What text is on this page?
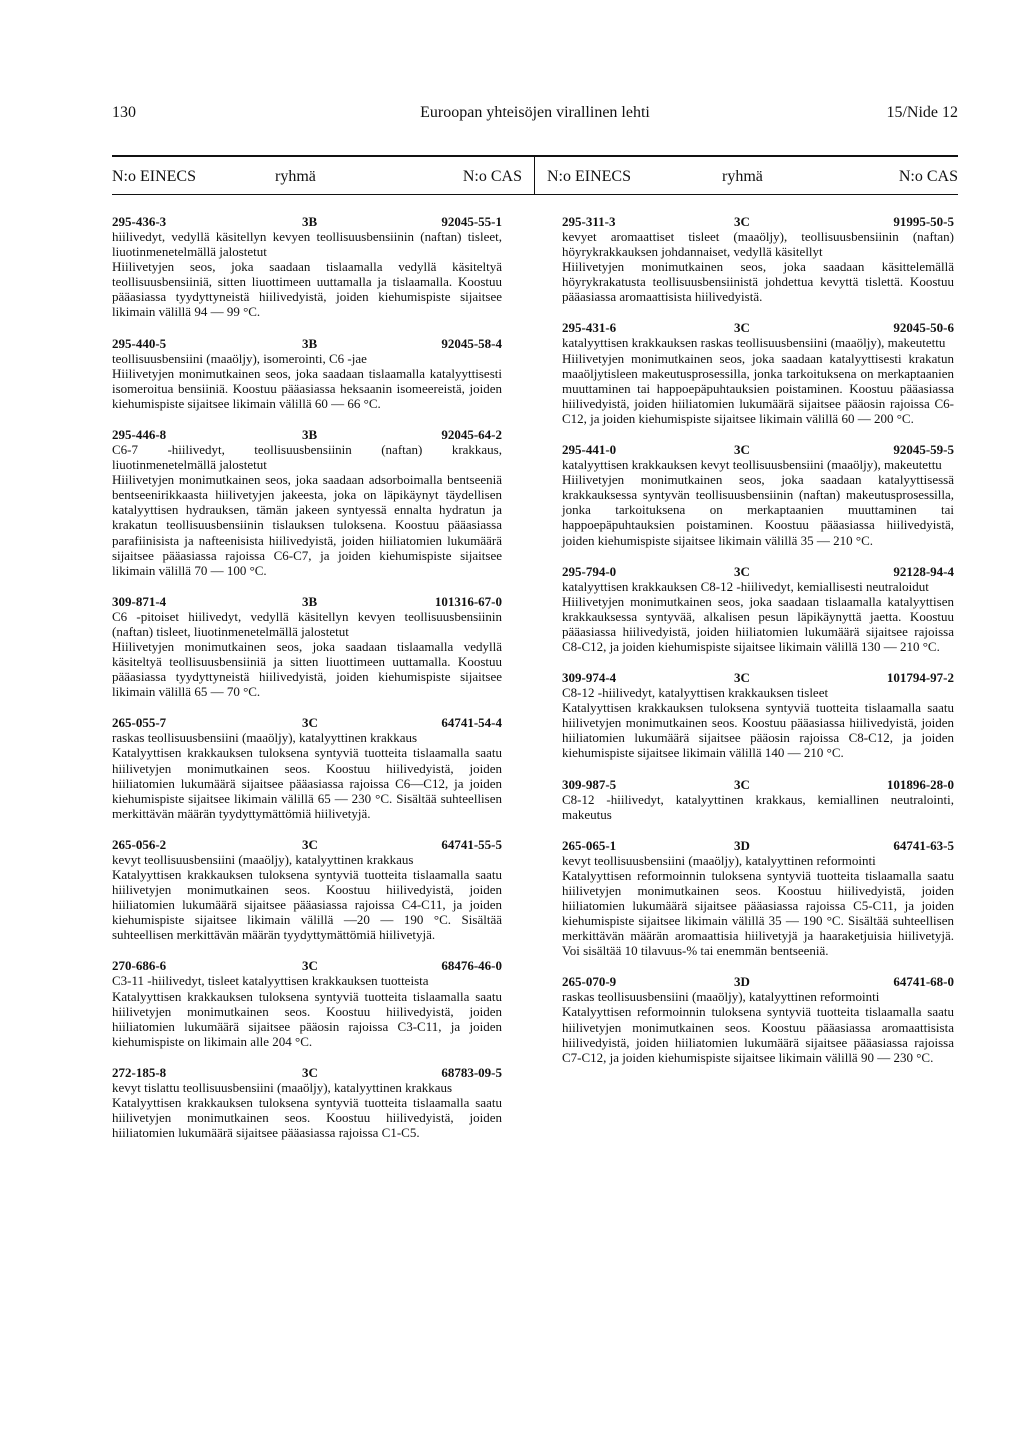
130	Euroopan yhteisöjen virallinen lehti	15/Nide 12
N:o EINECS	ryhmä	N:o CAS N:o EINECS	ryhmä	N:o CAS
295-436-3	3B	92045-55-1
hiilivedyt, vedyllä käsitellyn kevyen teollisuusbensiinin (naftan) tisleet, liuotinmenetelmällä jalostetut
Hiilivetyjen seos, joka saadaan tislaamalla vedyllä käsiteltyä teollisuusbensiiniä, sitten liuottimeen uuttamalla ja tislaamalla. Koostuu pääasiassa tyydyttyneistä hiilivedyistä, joiden kiehumispiste sijaitsee likimain välillä 94 — 99 °C.
295-440-5	3B	92045-58-4
teollisuusbensiini (maaöljy), isomerointi, C6 -jae
Hiilivetyjen monimutkainen seos, joka saadaan tislaamalla katalyyttisesti isomeroitua bensiiniä. Koostuu pääasiassa heksaanin isomeereistä, joiden kiehumispiste sijaitsee likimain välillä 60 — 66 °C.
295-446-8	3B	92045-64-2
C6-7 -hiilivedyt, teollisuusbensiinin (naftan) krakkaus, liuotinmenetelmällä jalostetut
Hiilivetyjen monimutkainen seos, joka saadaan adsorboimalla bentseeniä bentseenirikkaasta hiilivetyjen jakeesta, joka on läpikäynyt täydellisen katalyyttisen hydrauksen, tämän jakeen syntyessä ennalta hydratun ja krakatun teollisuusbensiinin tislauksen tuloksena. Koostuu pääasiassa parafiinisista ja nafteenisista hiilivedyistä, joiden hiiliatomien lukumäärä sijaitsee pääasiassa rajoissa C6-C7, ja joiden kiehumispiste sijaitsee likimain välillä 70 — 100 °C.
309-871-4	3B	101316-67-0
C6 -pitoiset hiilivedyt, vedyllä käsitellyn kevyen teollisuusbensiinin (naftan) tisleet, liuotinmenetelmällä jalostetut
Hiilivetyjen monimutkainen seos, joka saadaan tislaamalla vedyllä käsiteltyä teollisuusbensiiniä ja sitten liuottimeen uuttamalla. Koostuu pääasiassa tyydyttyneistä hiilivedyistä, joiden kiehumispiste sijaitsee likimain välillä 65 — 70 °C.
265-055-7	3C	64741-54-4
raskas teollisuusbensiini (maaöljy), katalyyttinen krakkaus
Katalyyttisen krakkauksen tuloksena syntyviä tuotteita tislaamalla saatu hiilivetyjen monimutkainen seos. Koostuu hiilivedyistä, joiden hiiliatomien lukumäärä sijaitsee pääasiassa rajoissa C6—C12, ja joiden kiehumispiste sijaitsee likimain välillä 65 — 230 °C. Sisältää suhteellisen merkittävän määrän tyydyttymättömiä hiilivetyjä.
265-056-2	3C	64741-55-5
kevyt teollisuusbensiini (maaöljy), katalyyttinen krakkaus
Katalyyttisen krakkauksen tuloksena syntyviä tuotteita tislaamalla saatu hiilivetyjen monimutkainen seos. Koostuu hiilivedyistä, joiden hiiliatomien lukumäärä sijaitsee pääasiassa rajoissa C4-C11, ja joiden kiehumispiste sijaitsee likimain välillä —20 — 190 °C. Sisältää suhteellisen merkittävän määrän tyydyttymättömiä hiilivetyjä.
270-686-6	3C	68476-46-0
C3-11 -hiilivedyt, tisleet katalyyttisen krakkauksen tuotteista
Katalyyttisen krakkauksen tuloksena syntyviä tuotteita tislaamalla saatu hiilivetyjen monimutkainen seos. Koostuu hiilivedyistä, joiden hiiliatomien lukumäärä sijaitsee pääosin rajoissa C3-C11, ja joiden kiehumispiste on likimain alle 204 °C.
272-185-8	3C	68783-09-5
kevyt tislattu teollisuusbensiini (maaöljy), katalyyttinen krakkaus
Katalyyttisen krakkauksen tuloksena syntyviä tuotteita tislaamalla saatu hiilivetyjen monimutkainen seos. Koostuu hiilivedyistä, joiden hiiliatomien lukumäärä sijaitsee pääasiassa rajoissa C1-C5.
295-311-3	3C	91995-50-5
kevyet aromaattiset tisleet (maaöljy), teollisuusbensiinin (naftan) höyrykrakkauksen johdannaiset, vedyllä käsitellyt
Hiilivetyjen monimutkainen seos, joka saadaan käsittelemällä höyrykrakatusta teollisuusbensiinistä johdettua kevyttä tislettä. Koostuu pääasiassa aromaattisista hiilivedyistä.
295-431-6	3C	92045-50-6
katalyyttisen krakkauksen raskas teollisuusbensiini (maaöljy), makeutettu
Hiilivetyjen monimutkainen seos, joka saadaan katalyyttisesti krakatun maaöljytisleen makeutusprosessilla, jonka tarkoituksena on merkaptaanien muuttaminen tai happoepäpuhtauksien poistaminen. Koostuu pääasiassa hiilivedyistä, joiden hiiliatomien lukumäärä sijaitsee pääosin rajoissa C6-C12, ja joiden kiehumispiste sijaitsee likimain välillä 60 — 200 °C.
295-441-0	3C	92045-59-5
katalyyttisen krakkauksen kevyt teollisuusbensiini (maaöljy), makeutettu
Hiilivetyjen monimutkainen seos, joka saadaan katalyyttisessä krakkauksessa syntyvän teollisuusbensiinin (naftan) makeutusprosessilla, jonka tarkoituksena on merkaptaanien muuttaminen tai happoepäpuhtauksien poistaminen. Koostuu pääasiassa hiilivedyistä, joiden kiehumispiste sijaitsee likimain välillä 35 — 210 °C.
295-794-0	3C	92128-94-4
katalyyttisen krakkauksen C8-12 -hiilivedyt, kemiallisesti neutraloidut
Hiilivetyjen monimutkainen seos, joka saadaan tislaamalla katalyyttisen krakkauksessa syntyvää, alkalisen pesun läpikäynyttä jaetta. Koostuu pääasiassa hiilivedyistä, joiden hiiliatomien lukumäärä sijaitsee rajoissa C8-C12, ja joiden kiehumispiste sijaitsee likimain välillä 130 — 210 °C.
309-974-4	3C	101794-97-2
C8-12 -hiilivedyt, katalyyttisen krakkauksen tisleet
Katalyyttisen krakkauksen tuloksena syntyviä tuotteita tislaamalla saatu hiilivetyjen monimutkainen seos. Koostuu pääasiassa hiilivedyistä, joiden hiiliatomien lukumäärä sijaitsee pääosin rajoissa C8-C12, ja joiden kiehumispiste sijaitsee likimain välillä 140 — 210 °C.
309-987-5	3C	101896-28-0
C8-12 -hiilivedyt, katalyyttinen krakkaus, kemiallinen neutralointi, makeutus
265-065-1	3D	64741-63-5
kevyt teollisuusbensiini (maaöljy), katalyyttinen reformointi
Katalyyttisen reformoinnin tuloksena syntyviä tuotteita tislaamalla saatu hiilivetyjen monimutkainen seos. Koostuu hiilivedyistä, joiden hiiliatomien lukumäärä sijaitsee pääasiassa rajoissa C5-C11, ja joiden kiehumispiste sijaitsee likimain välillä 35 — 190 °C. Sisältää suhteellisen merkittävän määrän aromaattisia hiilivetyjä ja haaraketjuisia hiilivetyjä. Voi sisältää 10 tilavuus-% tai enemmän bentseeniä.
265-070-9	3D	64741-68-0
raskas teollisuusbensiini (maaöljy), katalyyttinen reformointi
Katalyyttisen reformoinnin tuloksena syntyviä tuotteita tislaamalla saatu hiilivetyjen monimutkainen seos. Koostuu pääasiassa aromaattisista hiilivedyistä, joiden hiiliatomien lukumäärä sijaitsee pääasiassa rajoissa C7-C12, ja joiden kiehumispiste sijaitsee likimain välillä 90 — 230 °C.
